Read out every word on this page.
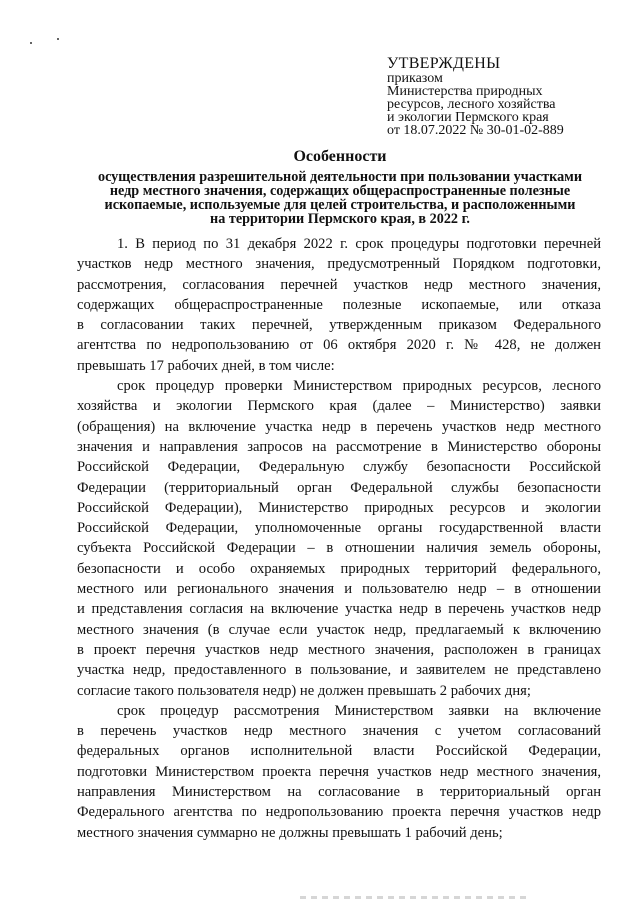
УТВЕРЖДЕНЫ
приказом
Министерства природных
ресурсов, лесного хозяйства
и экологии Пермского края
от 18.07.2022 № 30-01-02-889
Особенности
осуществления разрешительной деятельности при пользовании участками
недр местного значения, содержащих общераспространенные полезные
ископаемые, используемые для целей строительства, и расположенными
на территории Пермского края, в 2022 г.
1. В период по 31 декабря 2022 г. срок процедуры подготовки перечней
участков недр местного значения, предусмотренный Порядком подготовки,
рассмотрения, согласования перечней участков недр местного значения,
содержащих общераспространенные полезные ископаемые, или отказа
в согласовании таких перечней, утвержденным приказом Федерального
агентства по недропользованию от 06 октября 2020 г. № 428, не должен
превышать 17 рабочих дней, в том числе:
срок процедур проверки Министерством природных ресурсов, лесного
хозяйства и экологии Пермского края (далее – Министерство) заявки
(обращения) на включение участка недр в перечень участков недр местного
значения и направления запросов на рассмотрение в Министерство обороны
Российской Федерации, Федеральную службу безопасности Российской
Федерации (территориальный орган Федеральной службы безопасности
Российской Федерации), Министерство природных ресурсов и экологии
Российской Федерации, уполномоченные органы государственной власти
субъекта Российской Федерации – в отношении наличия земель обороны,
безопасности и особо охраняемых природных территорий федерального,
местного или регионального значения и пользователю недр – в отношении
и представления согласия на включение участка недр в перечень участков недр
местного значения (в случае если участок недр, предлагаемый к включению
в проект перечня участков недр местного значения, расположен в границах
участка недр, предоставленного в пользование, и заявителем не представлено
согласие такого пользователя недр) не должен превышать 2 рабочих дня;
срок процедур рассмотрения Министерством заявки на включение
в перечень участков недр местного значения с учетом согласований
федеральных органов исполнительной власти Российской Федерации,
подготовки Министерством проекта перечня участков недр местного значения,
направления Министерством на согласование в территориальный орган
Федерального агентства по недропользованию проекта перечня участков недр
местного значения суммарно не должны превышать 1 рабочий день;
